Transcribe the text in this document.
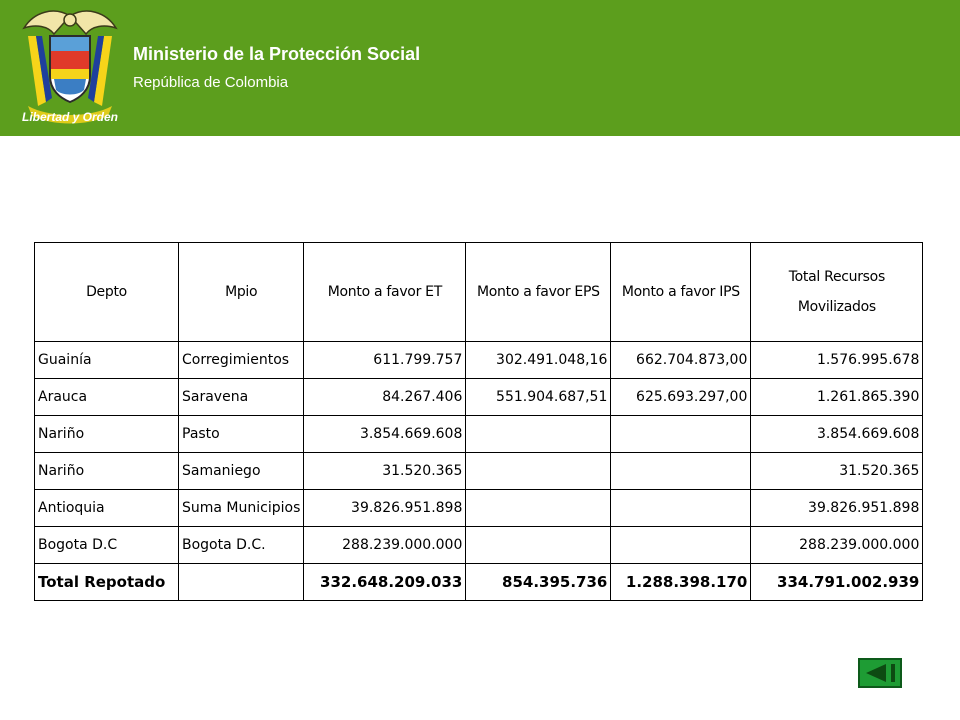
Libertad y Orden
Ministerio de la Protección Social
República de Colombia
Depto	Mpio	Monto a favor ET	Monto a favor EPS	Monto a favor IPS	Total Recursos Movilizados
Guainía	Corregimientos	611.799.757	302.491.048,16	662.704.873,00	1.576.995.678
Arauca	Saravena	84.267.406	551.904.687,51	625.693.297,00	1.261.865.390
Nariño	Pasto	3.854.669.608			3.854.669.608
Nariño	Samaniego	31.520.365			31.520.365
Antioquia	Suma Municipios	39.826.951.898			39.826.951.898
Bogota D.C	Bogota D.C.	288.239.000.000			288.239.000.000
Total Repotado		332.648.209.033	854.395.736	1.288.398.170	334.791.002.939
